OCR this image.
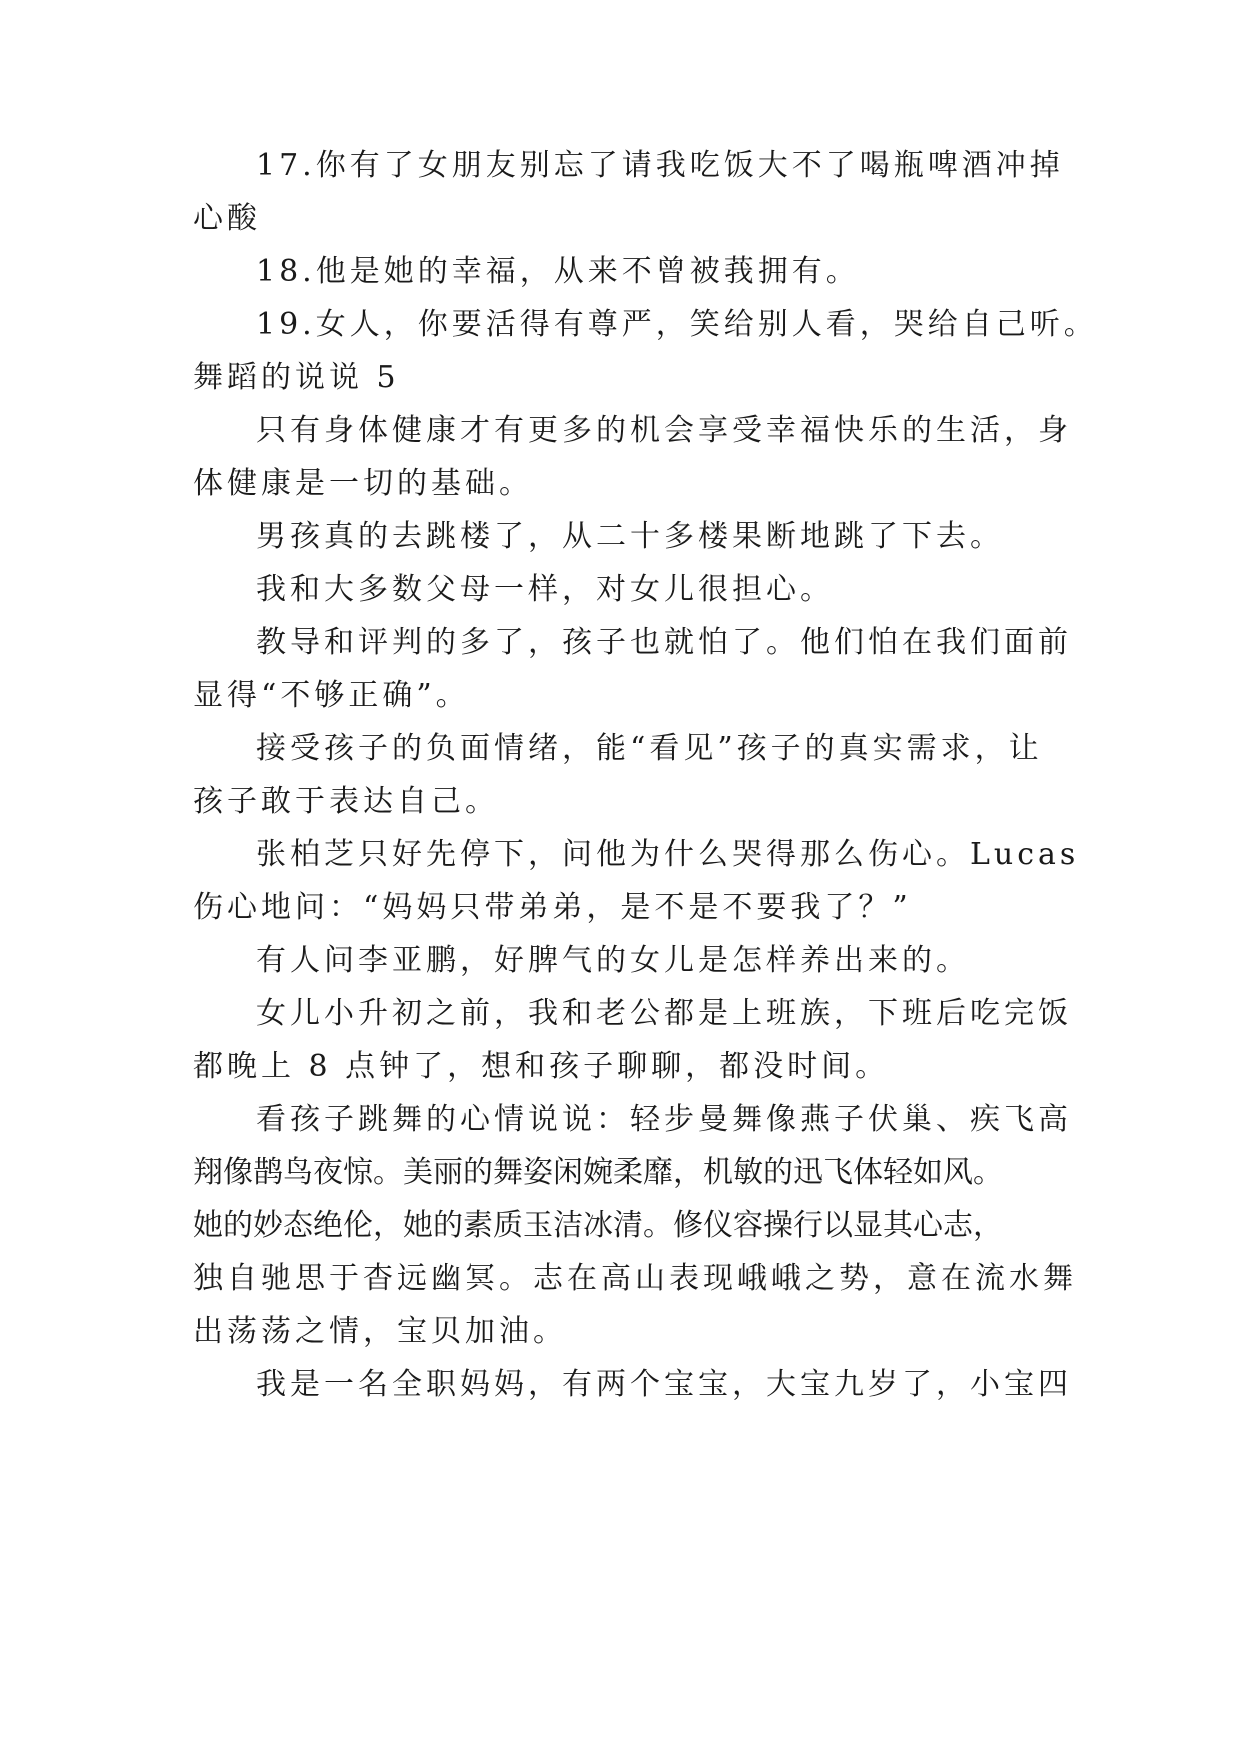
17.你有了女朋友别忘了请我吃饭大不了喝瓶啤酒冲掉

心酸

18.他是她的幸福，从来不曾被莪拥有。

19.女人，你要活得有尊严，笑给别人看，哭给自己听。

舞蹈的说说 5

只有身体健康才有更多的机会享受幸福快乐的生活，身

体健康是一切的基础。

男孩真的去跳楼了，从二十多楼果断地跳了下去。

我和大多数父母一样，对女儿很担心。

教导和评判的多了，孩子也就怕了。他们怕在我们面前

显得“不够正确”。

接受孩子的负面情绪，能“看见”孩子的真实需求，让

孩子敢于表达自己。

张柏芝只好先停下，问他为什么哭得那么伤心。Lucas

伤心地问：“妈妈只带弟弟，是不是不要我了？”

有人问李亚鹏，好脾气的女儿是怎样养出来的。

女儿小升初之前，我和老公都是上班族，下班后吃完饭

都晚上 8 点钟了，想和孩子聊聊，都没时间。

看孩子跳舞的心情说说：轻步曼舞像燕子伏巢、疾飞高

翔像鹊鸟夜惊。美丽的舞姿闲婉柔靡，机敏的迅飞体轻如风。

她的妙态绝伦，她的素质玉洁冰清。修仪容操行以显其心志，

独自驰思于杳远幽冥。志在高山表现峨峨之势，意在流水舞

出荡荡之情，宝贝加油。

我是一名全职妈妈，有两个宝宝，大宝九岁了，小宝四
